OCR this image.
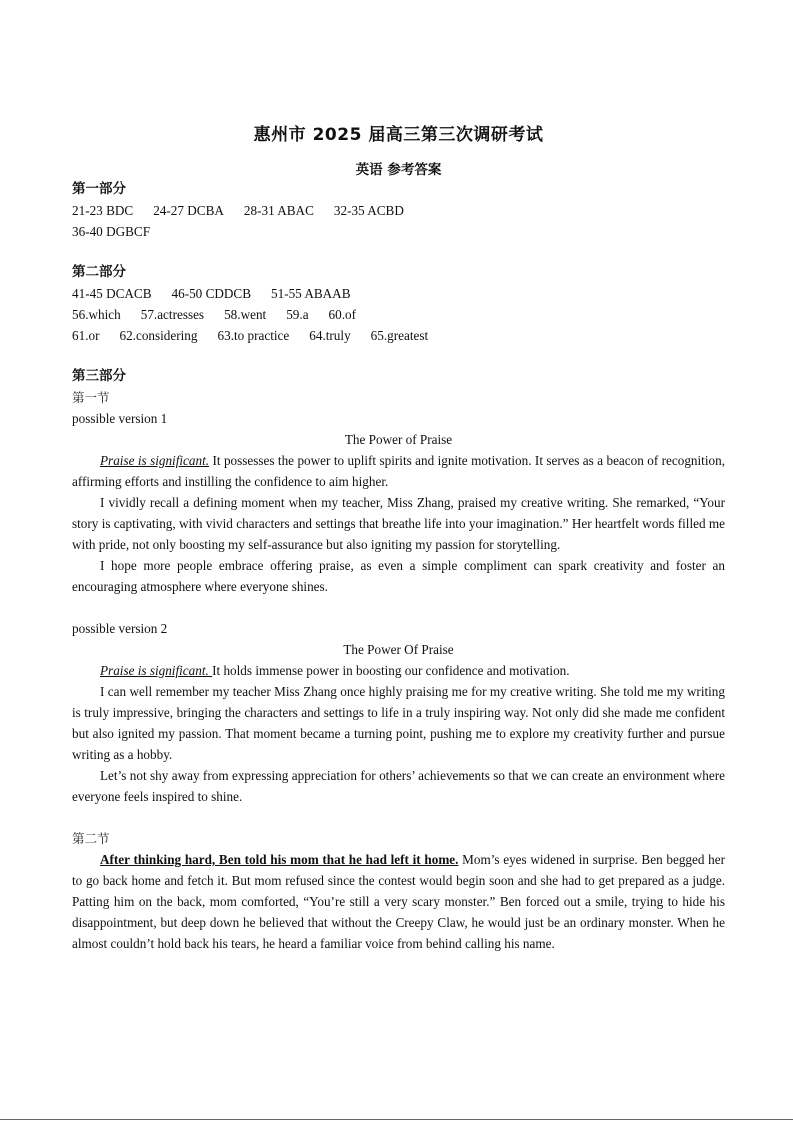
惠州市 2025 届高三第三次调研考试
英语 参考答案
第一部分
21-23 BDC 24-27 DCBA 28-31 ABAC 32-35 ACBD
36-40 DGBCF
第二部分
41-45 DCACB 46-50 CDDCB 51-55 ABAAB
56.which 57.actresses 58.went 59.a 60.of
61.or 62.considering 63.to practice 64.truly 65.greatest
第三部分
第一节
possible version 1
The Power of Praise
Praise is significant. It possesses the power to uplift spirits and ignite motivation. It serves as a beacon of recognition, affirming efforts and instilling the confidence to aim higher.
I vividly recall a defining moment when my teacher, Miss Zhang, praised my creative writing. She remarked, “Your story is captivating, with vivid characters and settings that breathe life into your imagination.” Her heartfelt words filled me with pride, not only boosting my self-assurance but also igniting my passion for storytelling.
I hope more people embrace offering praise, as even a simple compliment can spark creativity and foster an encouraging atmosphere where everyone shines.
possible version 2
The Power Of Praise
Praise is significant. It holds immense power in boosting our confidence and motivation.
I can well remember my teacher Miss Zhang once highly praising me for my creative writing. She told me my writing is truly impressive, bringing the characters and settings to life in a truly inspiring way. Not only did she made me confident but also ignited my passion. That moment became a turning point, pushing me to explore my creativity further and pursue writing as a hobby.
Let’s not shy away from expressing appreciation for others’ achievements so that we can create an environment where everyone feels inspired to shine.
第二节
After thinking hard, Ben told his mom that he had left it home. Mom’s eyes widened in surprise. Ben begged her to go back home and fetch it. But mom refused since the contest would begin soon and she had to get prepared as a judge. Patting him on the back, mom comforted, “You’re still a very scary monster.” Ben forced out a smile, trying to hide his disappointment, but deep down he believed that without the Creepy Claw, he would just be an ordinary monster. When he almost couldn’t hold back his tears, he heard a familiar voice from behind calling his name.
